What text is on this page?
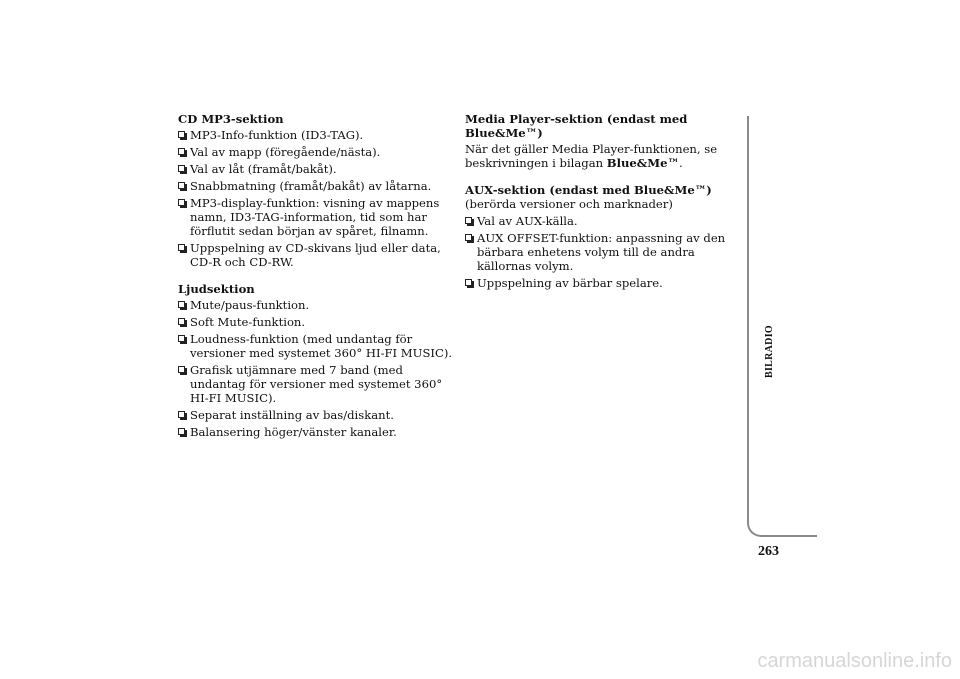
CD MP3-sektion
MP3-Info-funktion (ID3-TAG).
Val av mapp (föregående/nästa).
Val av låt (framåt/bakåt).
Snabbmatning (framåt/bakåt) av låtarna.
MP3-display-funktion: visning av mappens namn, ID3-TAG-information, tid som har förflutit sedan början av spåret, filnamn.
Uppspelning av CD-skivans ljud eller data, CD-R och CD-RW.
Ljudsektion
Mute/paus-funktion.
Soft Mute-funktion.
Loudness-funktion (med undantag för versioner med systemet 360° HI-FI MUSIC).
Grafisk utjämnare med 7 band (med undantag för versioner med systemet 360° HI-FI MUSIC).
Separat inställning av bas/diskant.
Balansering höger/vänster kanaler.
Media Player-sektion (endast med Blue&Me™)

När det gäller Media Player-funktionen, se beskrivningen i bilagan Blue&Me™.

AUX-sektion (endast med Blue&Me™)

(berörda versioner och marknader)

Val av AUX-källa.
AUX OFFSET-funktion: anpassning av den bärbara enhetens volym till de andra källornas volym.
Uppspelning av bärbar spelare.
BILRADIO
263
carmanualsonline.info
